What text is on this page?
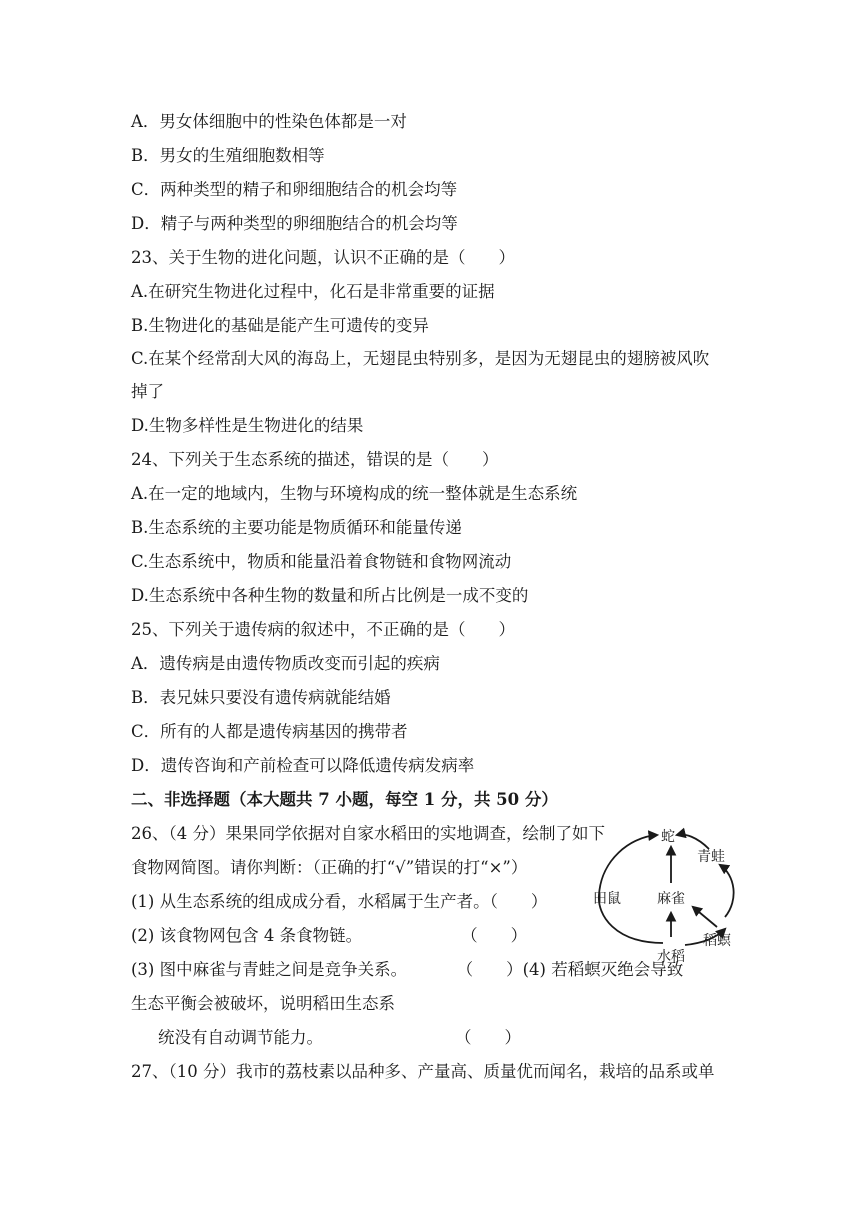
A．男女体细胞中的性染色体都是一对
B．男女的生殖细胞数相等
C．两种类型的精子和卵细胞结合的机会均等
D．精子与两种类型的卵细胞结合的机会均等
23、关于生物的进化问题，认识不正确的是（　　）
A.在研究生物进化过程中，化石是非常重要的证据
B.生物进化的基础是能产生可遗传的变异
C.在某个经常刮大风的海岛上，无翅昆虫特别多，是因为无翅昆虫的翅膀被风吹
掉了
D.生物多样性是生物进化的结果
24、下列关于生态系统的描述，错误的是（　　）
A.在一定的地域内，生物与环境构成的统一整体就是生态系统
B.生态系统的主要功能是物质循环和能量传递
C.生态系统中，物质和能量沿着食物链和食物网流动
D.生态系统中各种生物的数量和所占比例是一成不变的
25、下列关于遗传病的叙述中，不正确的是（　　）
A．遗传病是由遗传物质改变而引起的疾病
B．表兄妹只要没有遗传病就能结婚
C．所有的人都是遗传病基因的携带者
D．遗传咨询和产前检查可以降低遗传病发病率
二、非选择题（本大题共 7 小题，每空 1 分，共 50 分）
26、（4 分）果果同学依据对自家水稻田的实地调查，绘制了如下
食物网简图。请你判断：（正确的打“√”错误的打“×”）
(1) 从生态系统的组成成分看，水稻属于生产者。（　　）
(2) 该食物网包含 4 条食物链。　　　　　　　（　　）
(3) 图中麻雀与青蛙之间是竞争关系。　　　　（　　）(4) 若稻螟灭绝会导致
生态平衡会被破坏，说明稻田生态系
统没有自动调节能力。　　　　　　　　　（　　）
27、（10 分）我市的荔枝素以品种多、产量高、质量优而闻名，栽培的品系或单
蛇
青蛙
田鼠	麻雀
稻螟
水稻
